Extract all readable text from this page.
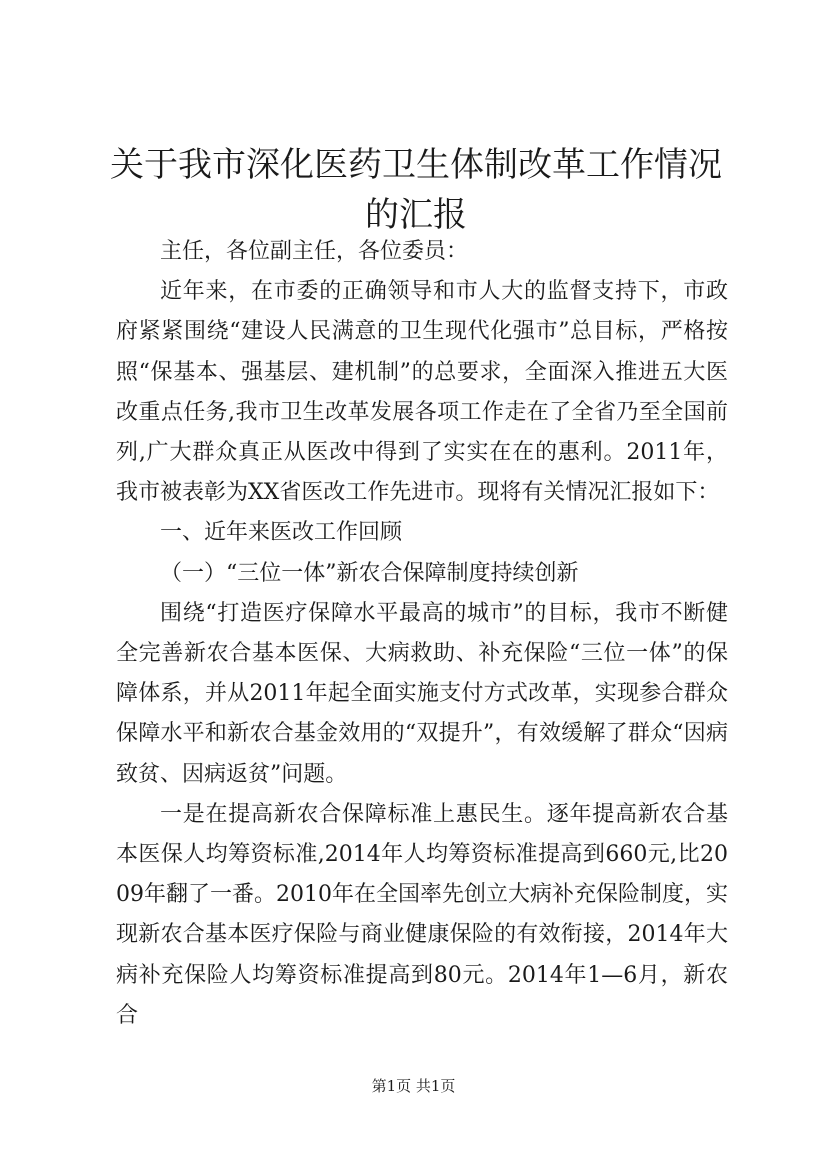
关于我市深化医药卫生体制改革工作情况的汇报

主任，各位副主任，各位委员：

近年来，在市委的正确领导和市人大的监督支持下，市政府紧紧围绕“建设人民满意的卫生现代化强市”总目标，严格按照“保基本、强基层、建机制”的总要求，全面深入推进五大医改重点任务,我市卫生改革发展各项工作走在了全省乃至全国前列,广大群众真正从医改中得到了实实在在的惠利。2011年，我市被表彰为XX省医改工作先进市。现将有关情况汇报如下：

一、近年来医改工作回顾

（一）“三位一体”新农合保障制度持续创新

围绕“打造医疗保障水平最高的城市”的目标，我市不断健全完善新农合基本医保、大病救助、补充保险“三位一体”的保障体系，并从2011年起全面实施支付方式改革，实现参合群众保障水平和新农合基金效用的“双提升”，有效缓解了群众“因病致贫、因病返贫”问题。

一是在提高新农合保障标准上惠民生。逐年提高新农合基本医保人均筹资标准,2014年人均筹资标准提高到660元,比2009年翻了一番。2010年在全国率先创立大病补充保险制度，实现新农合基本医疗保险与商业健康保险的有效衔接，2014年大病补充保险人均筹资标准提高到80元。2014年1—6月，新农合

第1页 共1页
